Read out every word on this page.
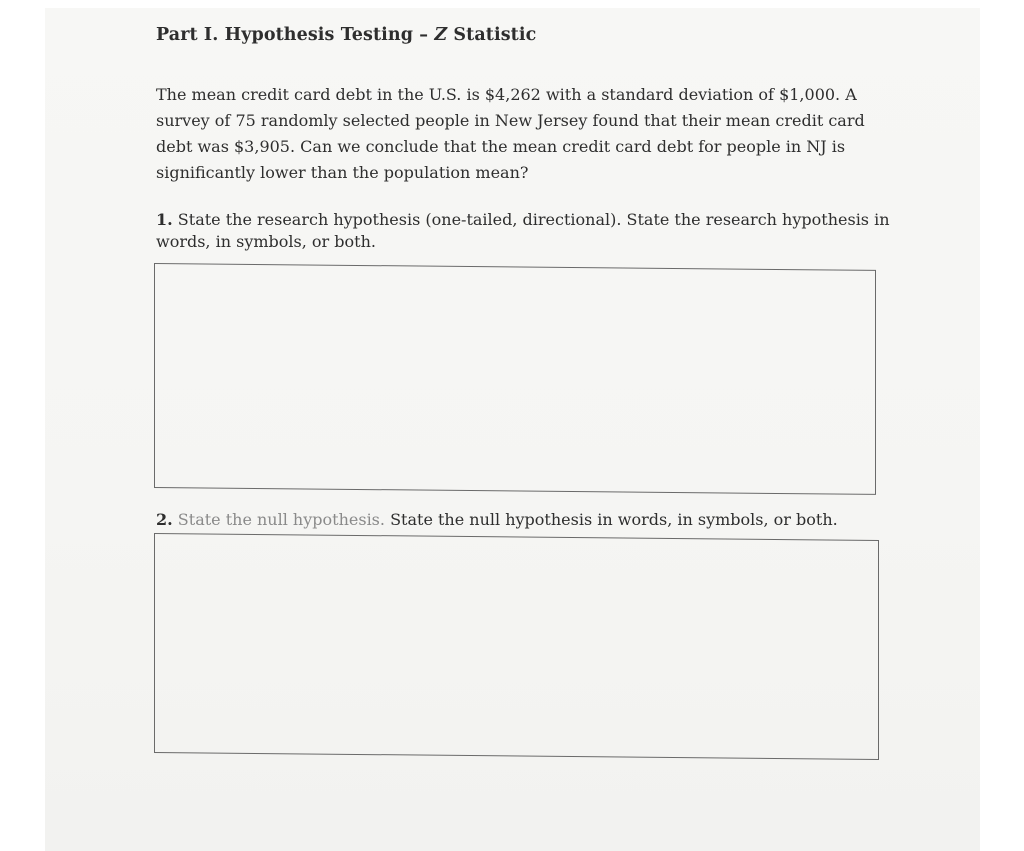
Part I. Hypothesis Testing – Z Statistic
The mean credit card debt in the U.S. is $4,262 with a standard deviation of $1,000. A
survey of 75 randomly selected people in New Jersey found that their mean credit card
debt was $3,905. Can we conclude that the mean credit card debt for people in NJ is
significantly lower than the population mean?
1. State the research hypothesis (one-tailed, directional). State the research hypothesis in
words, in symbols, or both.
2. State the null hypothesis. State the null hypothesis in words, in symbols, or both.
